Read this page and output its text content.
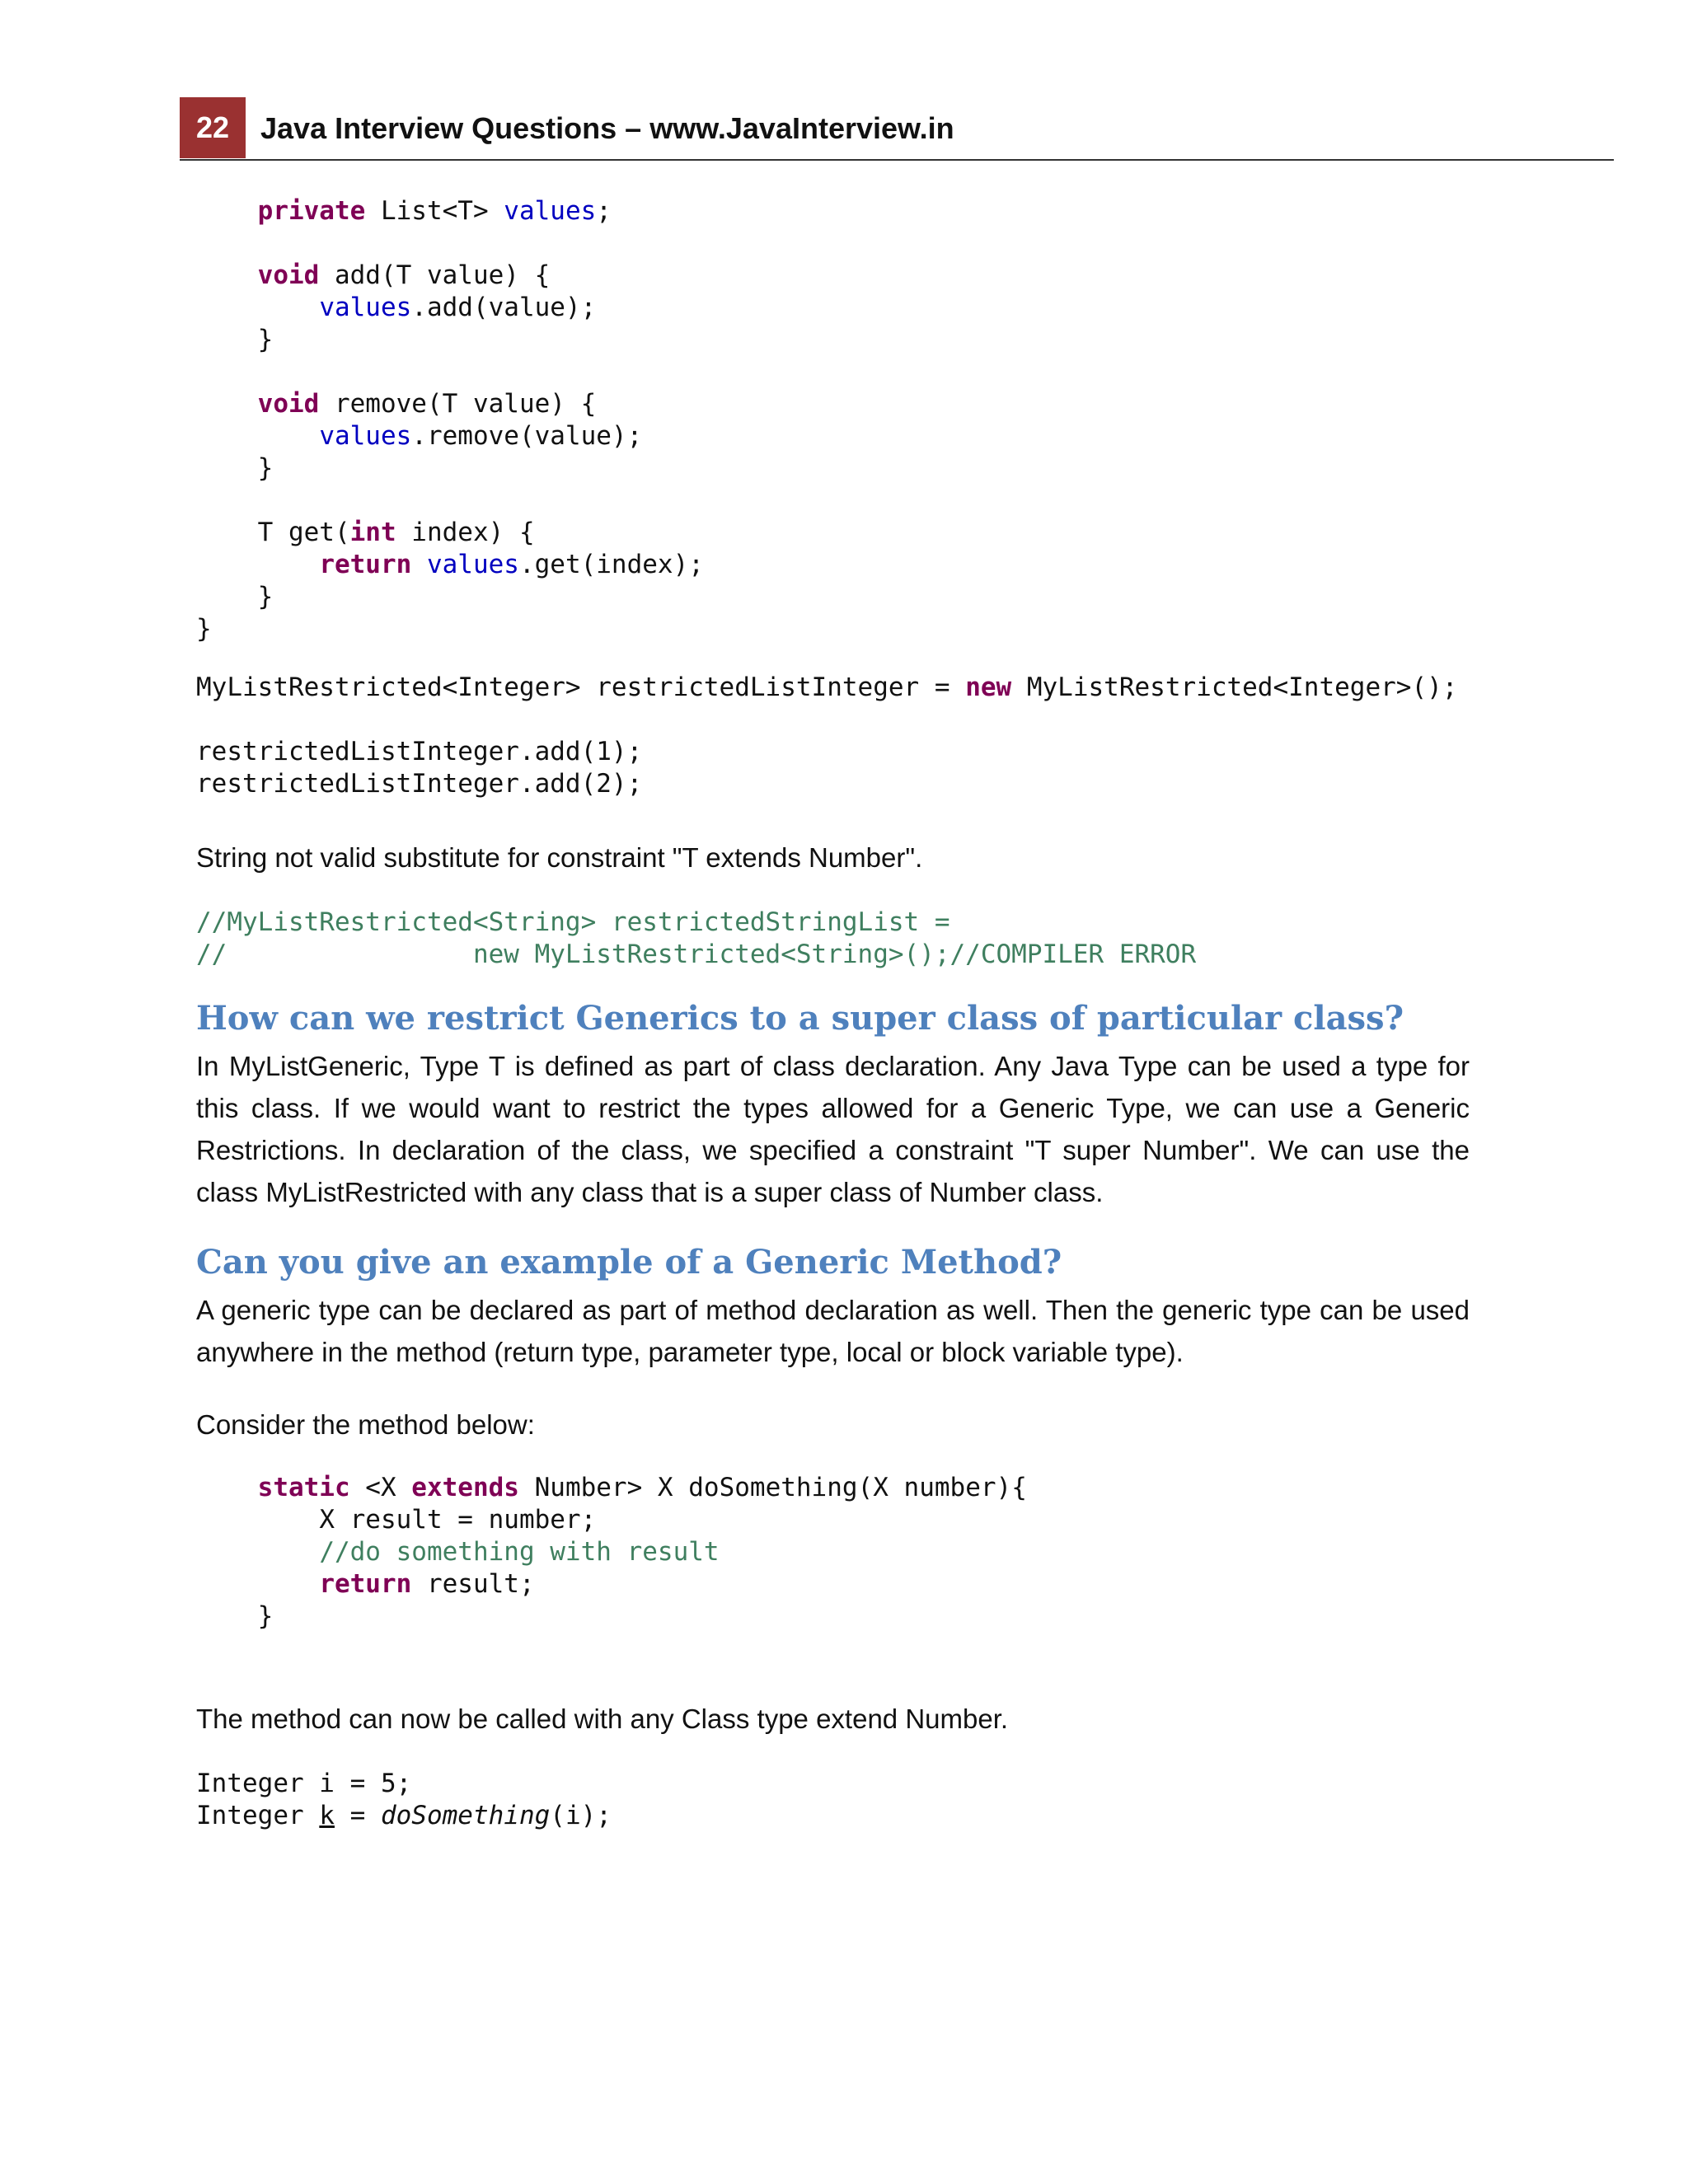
22	Java Interview Questions – www.JavaInterview.in
private List<T> values;

void add(T value) {
values.add(value);
}

void remove(T value) {
values.remove(value);
}

T get(int index) {
return values.get(index);
}
}
MyListRestricted<Integer> restrictedListInteger = new MyListRestricted<Integer>();

restrictedListInteger.add(1);
restrictedListInteger.add(2);

String not valid substitute for constraint "T extends Number".

//MyListRestricted<String> restrictedStringList =
//                new MyListRestricted<String>();//COMPILER ERROR
How can we restrict Generics to a super class of particular class?

In MyListGeneric, Type T is defined as part of class declaration. Any Java Type can be used a type for this class. If we would want to restrict the types allowed for a Generic Type, we can use a Generic Restrictions. In declaration of the class, we specified a constraint "T super Number". We can use the class MyListRestricted with any class that is a super class of Number class.

Can you give an example of a Generic Method?

A generic type can be declared as part of method declaration as well. Then the generic type can be used anywhere in the method (return type, parameter type, local or block variable type).

Consider the method below:

static <X extends Number> X doSomething(X number){
X result = number;
//do something with result
return result;
}

The method can now be called with any Class type extend Number.

Integer i = 5;
Integer k = doSomething(i);
